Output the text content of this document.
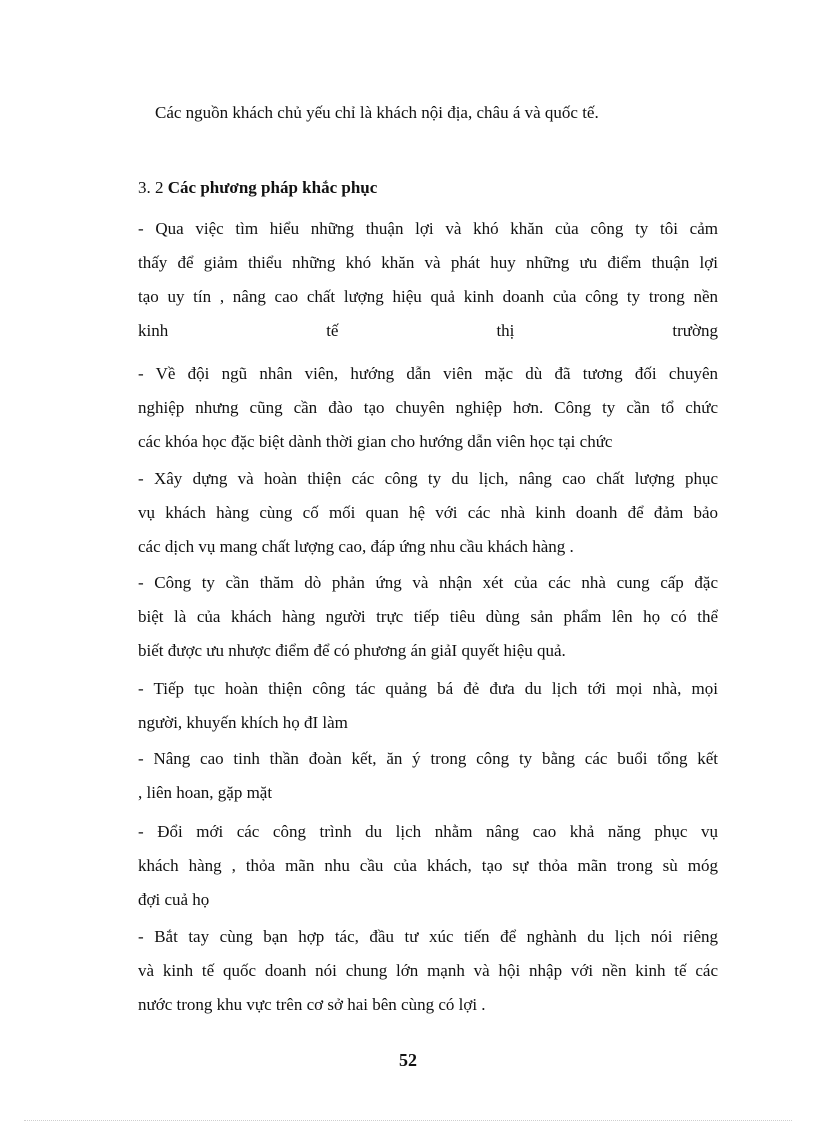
Các nguồn khách chủ yếu chỉ là khách nội địa, châu á và quốc tế.
3. 2 Các phương pháp khắc phục
- Qua việc tìm hiểu những thuận lợi và khó khăn của công ty tôi cảm
thấy để giảm thiểu những khó khăn và phát huy những ưu điểm thuận lợi
tạo uy tín , nâng cao chất lượng hiệu quả kinh doanh của công ty trong nền
kinh	tế	thị	trường
- Về đội ngũ nhân viên, hướng dẫn viên mặc dù đã tương đối chuyên
nghiệp nhưng cũng cần đào tạo chuyên nghiệp hơn. Công ty cần tổ chức
các khóa học đặc biệt dành thời gian cho hướng dẫn viên học tại chức
- Xây dựng và hoàn thiện các công ty du lịch, nâng cao chất lượng phục
vụ khách hàng cùng cố mối quan hệ với các nhà kinh doanh để đảm bảo
các dịch vụ mang chất lượng cao, đáp ứng nhu cầu khách hàng .
- Công ty cần thăm dò phản ứng và nhận xét của các nhà cung cấp đặc
biệt là của khách hàng người trực tiếp tiêu dùng sản phẩm lên họ có thể
biết được ưu nhược điểm để có phương án giảI quyết hiệu quả.
- Tiếp tục hoàn thiện công tác quảng bá đẻ đưa du lịch tới mọi nhà, mọi
người, khuyến khích họ đI làm
- Nâng cao tinh thần đoàn kết, ăn ý trong công ty bằng các buổi tổng kết
, liên hoan, gặp mặt
- Đổi mới các công trình du lịch nhằm nâng cao khả năng phục vụ
khách hàng , thỏa mãn nhu cầu của khách, tạo sự thỏa mãn trong sù móg
đợi cuả họ
- Bắt tay cùng bạn hợp tác, đầu tư xúc tiến để nghành du lịch nói riêng
và kinh tế quốc doanh nói chung lớn mạnh và hội nhập với nền kinh tế các
nước trong khu vực trên cơ sở hai bên cùng có lợi .
52
